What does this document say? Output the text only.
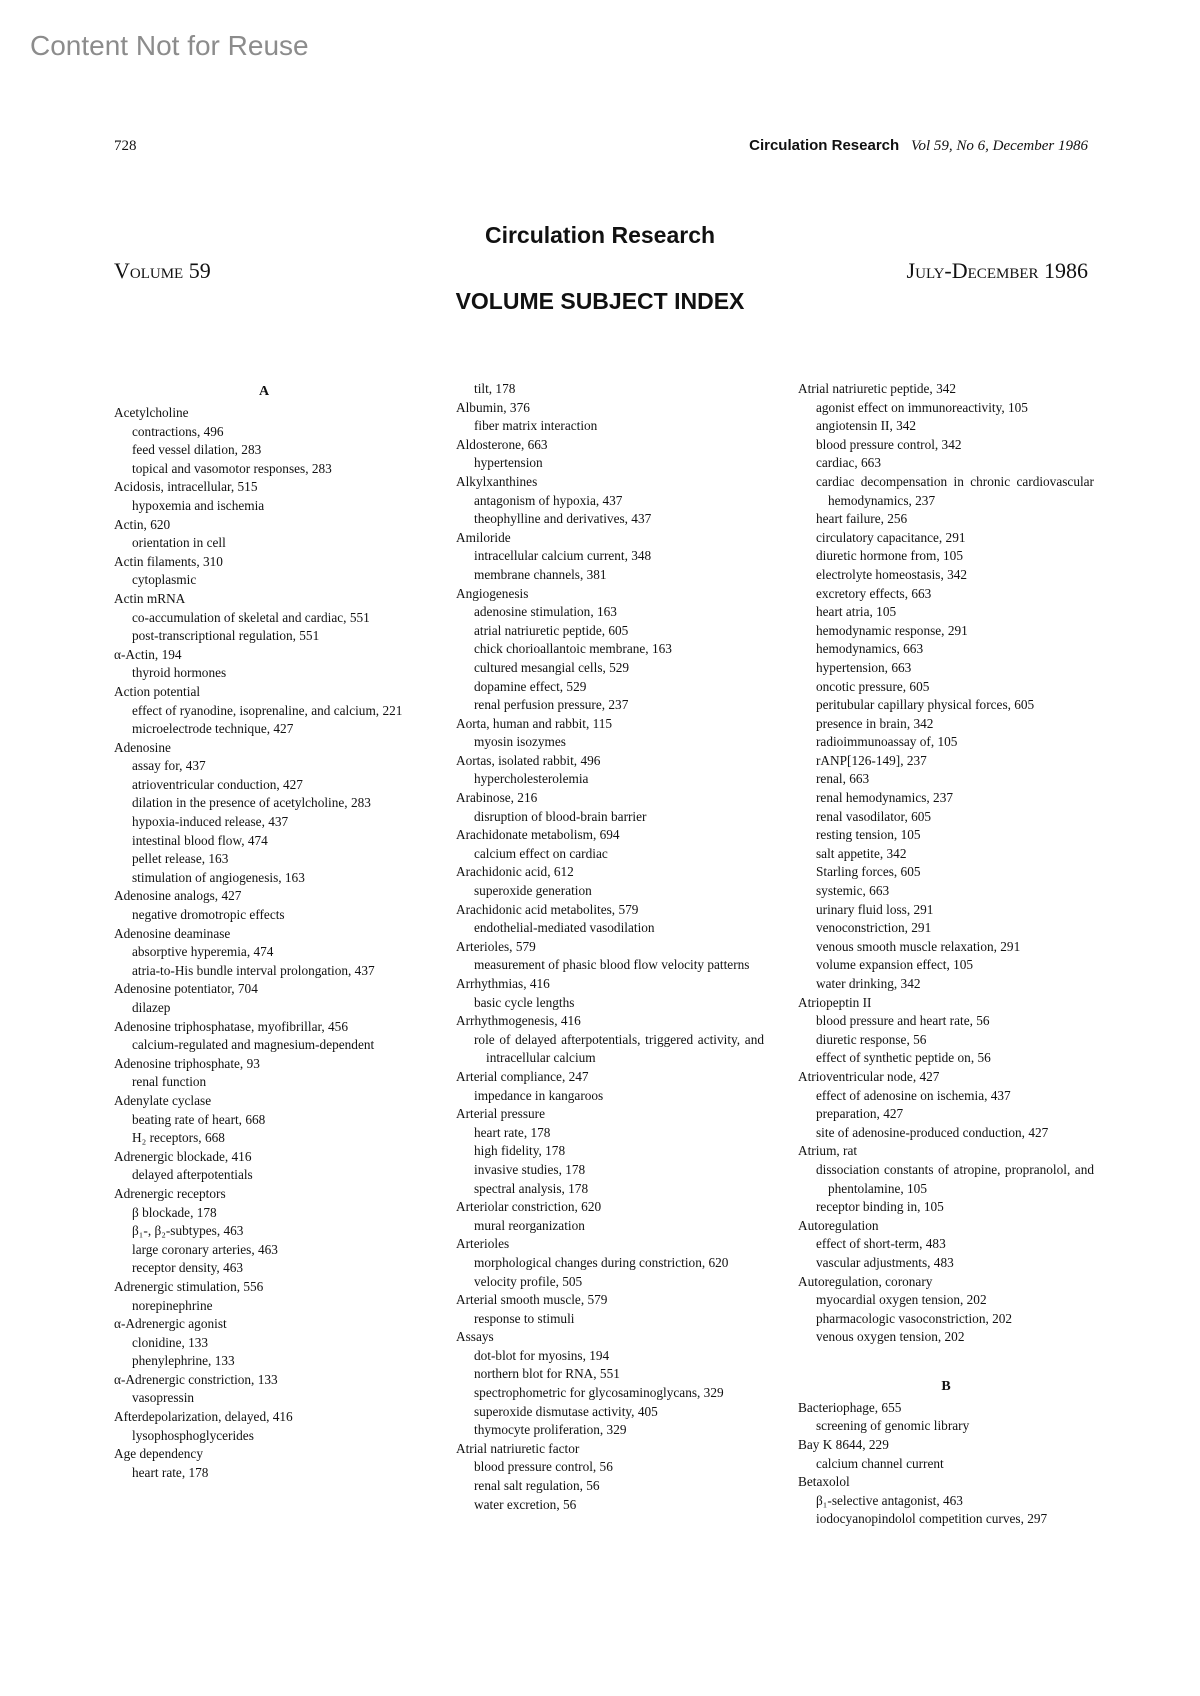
Content Not for Reuse
728	Circulation Research Vol 59, No 6, December 1986
Circulation Research
Volume 59	July-December 1986
VOLUME SUBJECT INDEX
A
Acetylcholine
contractions, 496
feed vessel dilation, 283
topical and vasomotor responses, 283
Acidosis, intracellular, 515
hypoxemia and ischemia
Actin, 620
orientation in cell
Actin filaments, 310
cytoplasmic
Actin mRNA
co-accumulation of skeletal and cardiac, 551
post-transcriptional regulation, 551
α-Actin, 194
thyroid hormones
Action potential
effect of ryanodine, isoprenaline, and calcium, 221
microelectrode technique, 427
Adenosine
assay for, 437
atrioventricular conduction, 427
dilation in the presence of acetylcholine, 283
hypoxia-induced release, 437
intestinal blood flow, 474
pellet release, 163
stimulation of angiogenesis, 163
Adenosine analogs, 427
negative dromotropic effects
Adenosine deaminase
absorptive hyperemia, 474
atria-to-His bundle interval prolongation, 437
Adenosine potentiator, 704
dilazep
Adenosine triphosphatase, myofibrillar, 456
calcium-regulated and magnesium-dependent
Adenosine triphosphate, 93
renal function
Adenylate cyclase
beating rate of heart, 668
H₂ receptors, 668
Adrenergic blockade, 416
delayed afterpotentials
Adrenergic receptors
β blockade, 178
β₁-, β₂-subtypes, 463
large coronary arteries, 463
receptor density, 463
Adrenergic stimulation, 556
norepinephrine
α-Adrenergic agonist
clonidine, 133
phenylephrine, 133
α-Adrenergic constriction, 133
vasopressin
Afterdepolarization, delayed, 416
lysophosphoglycerides
Age dependency
heart rate, 178
tilt, 178
Albumin, 376
fiber matrix interaction
Aldosterone, 663
hypertension
Alkylxanthines
antagonism of hypoxia, 437
theophylline and derivatives, 437
Amiloride
intracellular calcium current, 348
membrane channels, 381
Angiogenesis
adenosine stimulation, 163
atrial natriuretic peptide, 605
chick chorioallantoic membrane, 163
cultured mesangial cells, 529
dopamine effect, 529
renal perfusion pressure, 237
Aorta, human and rabbit, 115
myosin isozymes
Aortas, isolated rabbit, 496
hypercholesterolemia
Arabinose, 216
disruption of blood-brain barrier
Arachidonate metabolism, 694
calcium effect on cardiac
Arachidonic acid, 612
superoxide generation
Arachidonic acid metabolites, 579
endothelial-mediated vasodilation
Arterioles, 579
measurement of phasic blood flow velocity patterns
Arrhythmias, 416
basic cycle lengths
Arrhythmogenesis, 416
role of delayed afterpotentials, triggered activity, and intracellular calcium
Arterial compliance, 247
impedance in kangaroos
Arterial pressure
heart rate, 178
high fidelity, 178
invasive studies, 178
spectral analysis, 178
Arteriolar constriction, 620
mural reorganization
Arterioles
morphological changes during constriction, 620
velocity profile, 505
Arterial smooth muscle, 579
response to stimuli
Assays
dot-blot for myosins, 194
northern blot for RNA, 551
spectrophometric for glycosaminoglycans, 329
superoxide dismutase activity, 405
thymocyte proliferation, 329
Atrial natriuretic factor
blood pressure control, 56
renal salt regulation, 56
water excretion, 56
Atrial natriuretic peptide, 342
agonist effect on immunoreactivity, 105
angiotensin II, 342
blood pressure control, 342
cardiac, 663
cardiac decompensation in chronic cardiovascular hemodynamics, 237
heart failure, 256
circulatory capacitance, 291
diuretic hormone from, 105
electrolyte homeostasis, 342
excretory effects, 663
heart atria, 105
hemodynamic response, 291
hemodynamics, 663
hypertension, 663
oncotic pressure, 605
peritubular capillary physical forces, 605
presence in brain, 342
radioimmunoassay of, 105
rANP[126-149], 237
renal, 663
renal hemodynamics, 237
renal vasodilator, 605
resting tension, 105
salt appetite, 342
Starling forces, 605
systemic, 663
urinary fluid loss, 291
venoconstriction, 291
venous smooth muscle relaxation, 291
volume expansion effect, 105
water drinking, 342
Atriopeptin II
blood pressure and heart rate, 56
diuretic response, 56
effect of synthetic peptide on, 56
Atrioventricular node, 427
effect of adenosine on ischemia, 437
preparation, 427
site of adenosine-produced conduction, 427
Atrium, rat
dissociation constants of atropine, propranolol, and phentolamine, 105
receptor binding in, 105
Autoregulation
effect of short-term, 483
vascular adjustments, 483
Autoregulation, coronary
myocardial oxygen tension, 202
pharmacologic vasoconstriction, 202
venous oxygen tension, 202
B
Bacteriophage, 655
screening of genomic library
Bay K 8644, 229
calcium channel current
Betaxolol
β₁-selective antagonist, 463
iodocyanopindolol competition curves, 297
